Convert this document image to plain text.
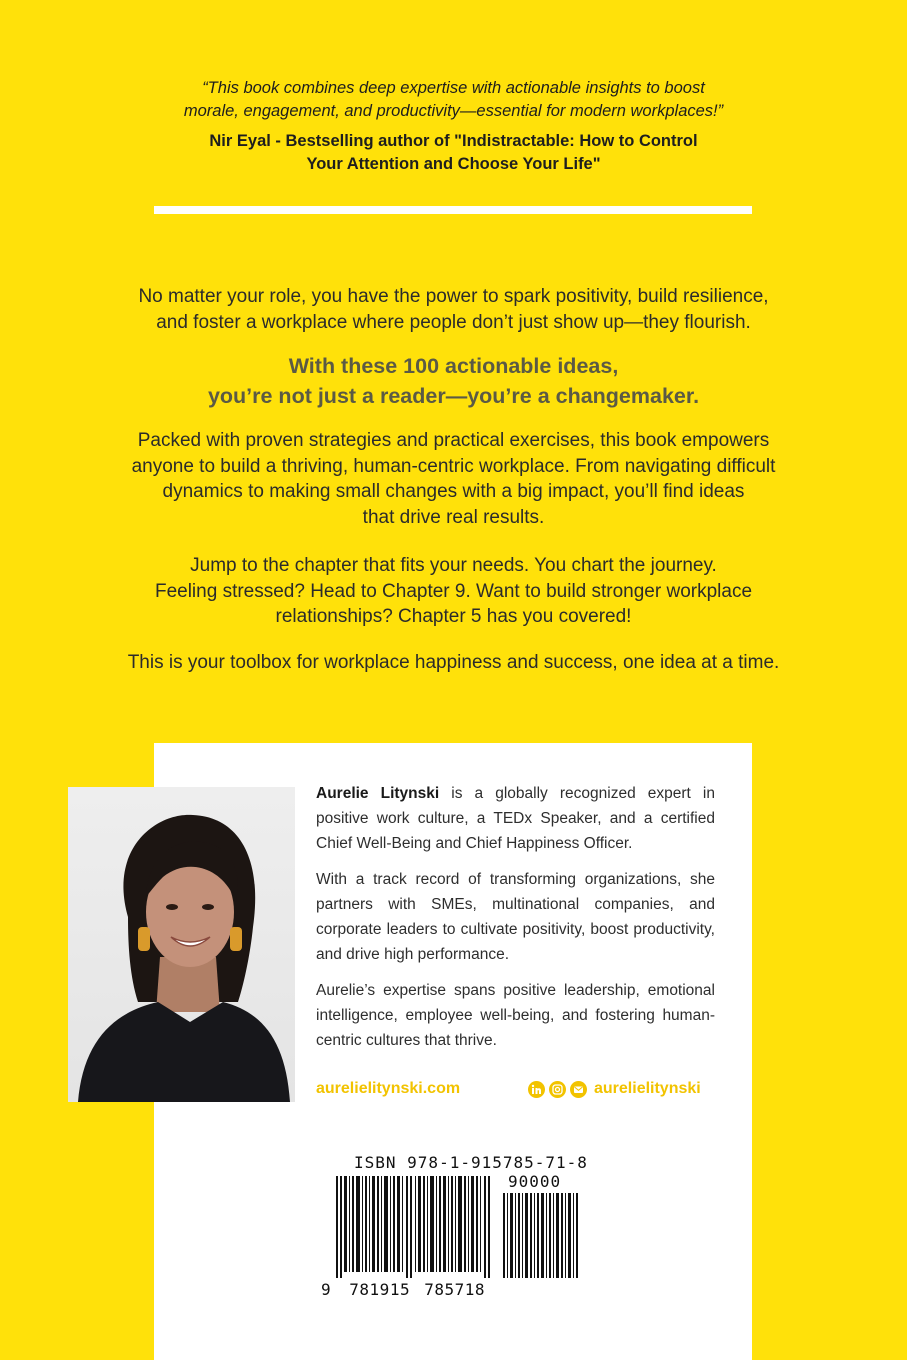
“This book combines deep expertise with actionable insights to boost
morale, engagement, and productivity—essential for modern workplaces!”
Nir Eyal - Bestselling author of "Indistractable: How to Control
Your Attention and Choose Your Life"
No matter your role, you have the power to spark positivity, build resilience,
and foster a workplace where people don’t just show up—they flourish.
With these 100 actionable ideas,
you’re not just a reader—you’re a changemaker.
Packed with proven strategies and practical exercises, this book empowers
anyone to build a thriving, human-centric workplace. From navigating difficult
dynamics to making small changes with a big impact, you’ll find ideas
that drive real results.
Jump to the chapter that fits your needs. You chart the journey.
Feeling stressed? Head to Chapter 9. Want to build stronger workplace
relationships? Chapter 5 has you covered!
This is your toolbox for workplace happiness and success, one idea at a time.
Aurelie Litynski is a globally recognized expert in positive work culture, a TEDx Speaker, and a certified Chief Well-Being and Chief Happiness Officer.
With a track record of transforming organizations, she partners with SMEs, multinational companies, and corporate leaders to cultivate positivity, boost productivity, and drive high performance.
Aurelie’s expertise spans positive leadership, emotional intelligence, employee well-being, and fostering human-centric cultures that thrive.
aurelielitynski.com	aurelielitynski
ISBN 978-1-915785-71-8
90000
9 781915 785718
